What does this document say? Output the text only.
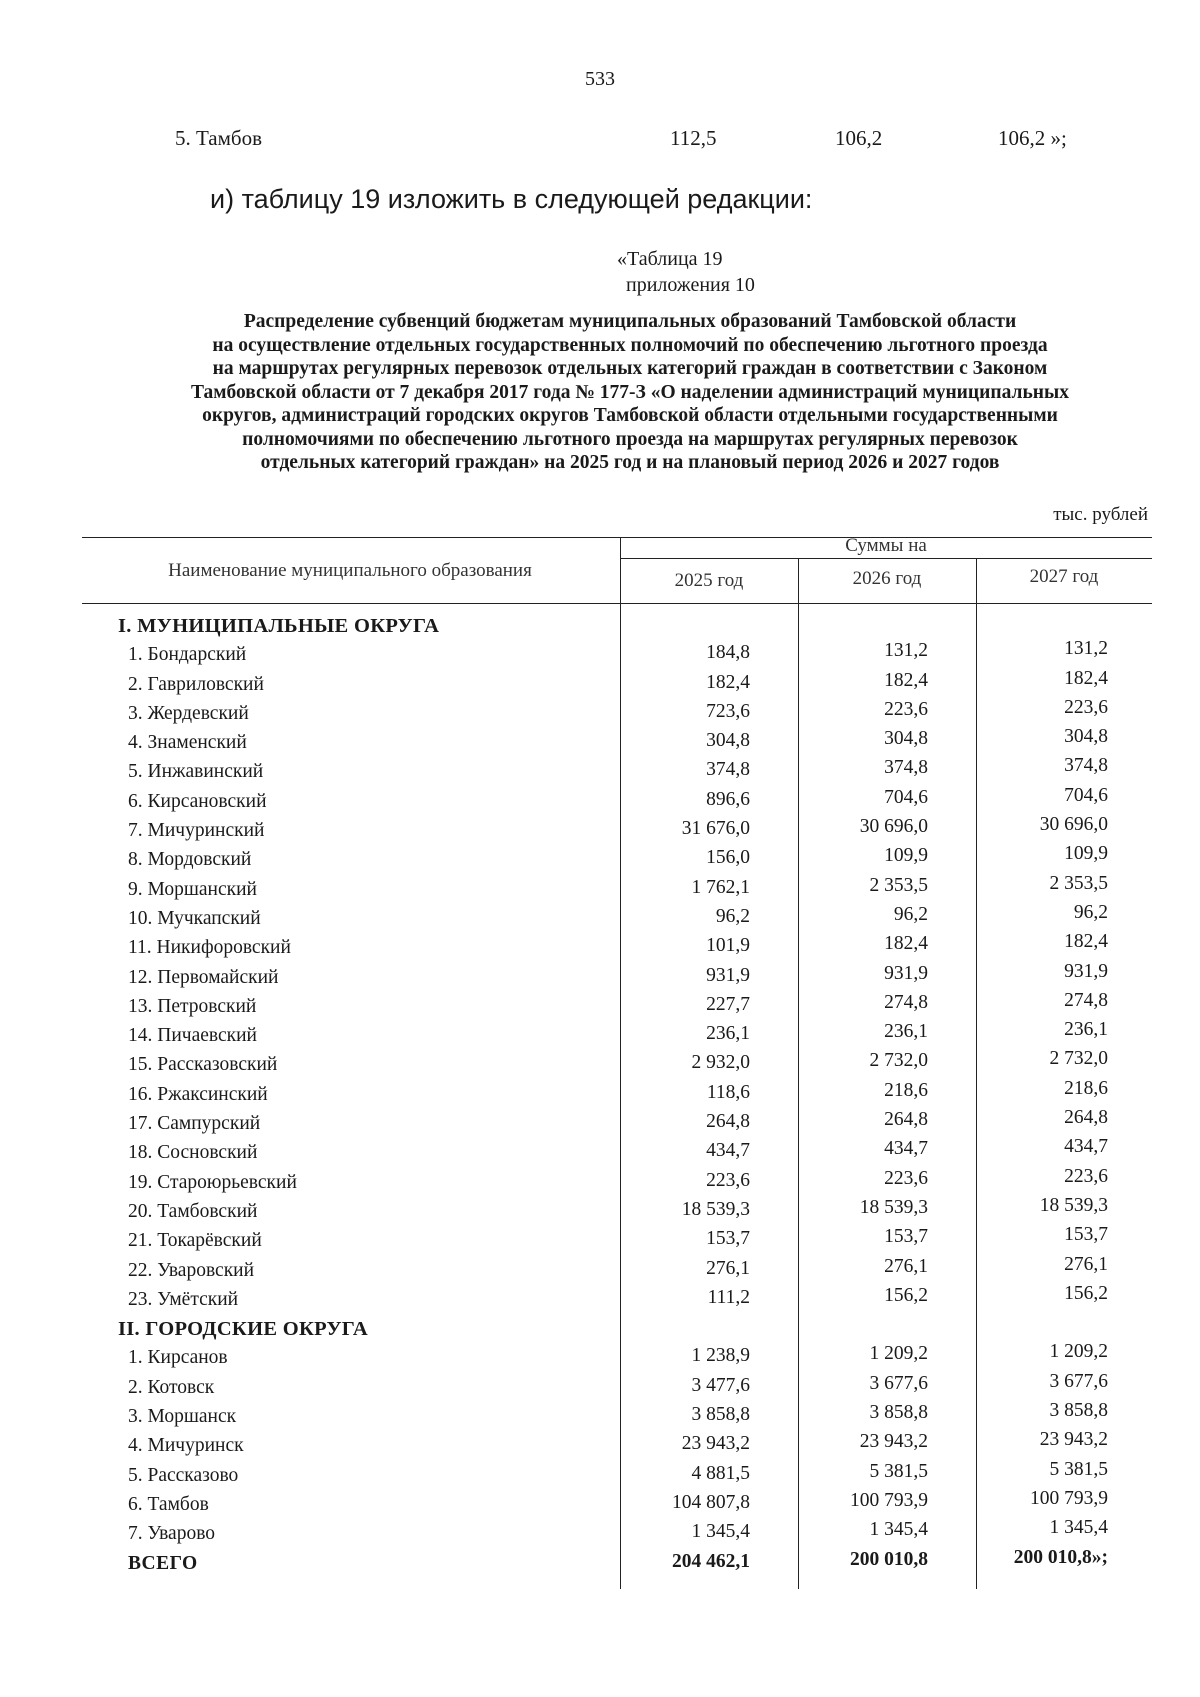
533
5. Тамбов	112,5	106,2	106,2 »;
и) таблицу 19 изложить в следующей редакции:
«Таблица 19
приложения 10
Распределение субвенций бюджетам муниципальных образований Тамбовской области
на осуществление отдельных государственных полномочий по обеспечению льготного проезда
на маршрутах регулярных перевозок отдельных категорий граждан в соответствии с Законом
Тамбовской области от 7 декабря 2017 года № 177-З «О наделении администраций муниципальных
округов, администраций городских округов Тамбовской области отдельными государственными
полномочиями по обеспечению льготного проезда на маршрутах регулярных перевозок
отдельных категорий граждан» на 2025 год и на плановый период 2026 и 2027 годов
тыс. рублей
Наименование муниципального образования
Суммы на
2025 год	2026 год	2027 год
I. МУНИЦИПАЛЬНЫЕ ОКРУГА
1. Бондарский	184,8	131,2	131,2
2. Гавриловский	182,4	182,4	182,4
3. Жердевский	723,6	223,6	223,6
4. Знаменский	304,8	304,8	304,8
5. Инжавинский	374,8	374,8	374,8
6. Кирсановский	896,6	704,6	704,6
7. Мичуринский	31 676,0	30 696,0	30 696,0
8. Мордовский	156,0	109,9	109,9
9. Моршанский	1 762,1	2 353,5	2 353,5
10. Мучкапский	96,2	96,2	96,2
11. Никифоровский	101,9	182,4	182,4
12. Первомайский	931,9	931,9	931,9
13. Петровский	227,7	274,8	274,8
14. Пичаевский	236,1	236,1	236,1
15. Рассказовский	2 932,0	2 732,0	2 732,0
16. Ржаксинский	118,6	218,6	218,6
17. Сампурский	264,8	264,8	264,8
18. Сосновский	434,7	434,7	434,7
19. Староюрьевский	223,6	223,6	223,6
20. Тамбовский	18 539,3	18 539,3	18 539,3
21. Токарёвский	153,7	153,7	153,7
22. Уваровский	276,1	276,1	276,1
23. Умётский	111,2	156,2	156,2
II. ГОРОДСКИЕ ОКРУГА
1. Кирсанов	1 238,9	1 209,2	1 209,2
2. Котовск	3 477,6	3 677,6	3 677,6
3. Моршанск	3 858,8	3 858,8	3 858,8
4. Мичуринск	23 943,2	23 943,2	23 943,2
5. Рассказово	4 881,5	5 381,5	5 381,5
6. Тамбов	104 807,8	100 793,9	100 793,9
7. Уварово	1 345,4	1 345,4	1 345,4
ВСЕГО	204 462,1	200 010,8	200 010,8»;
